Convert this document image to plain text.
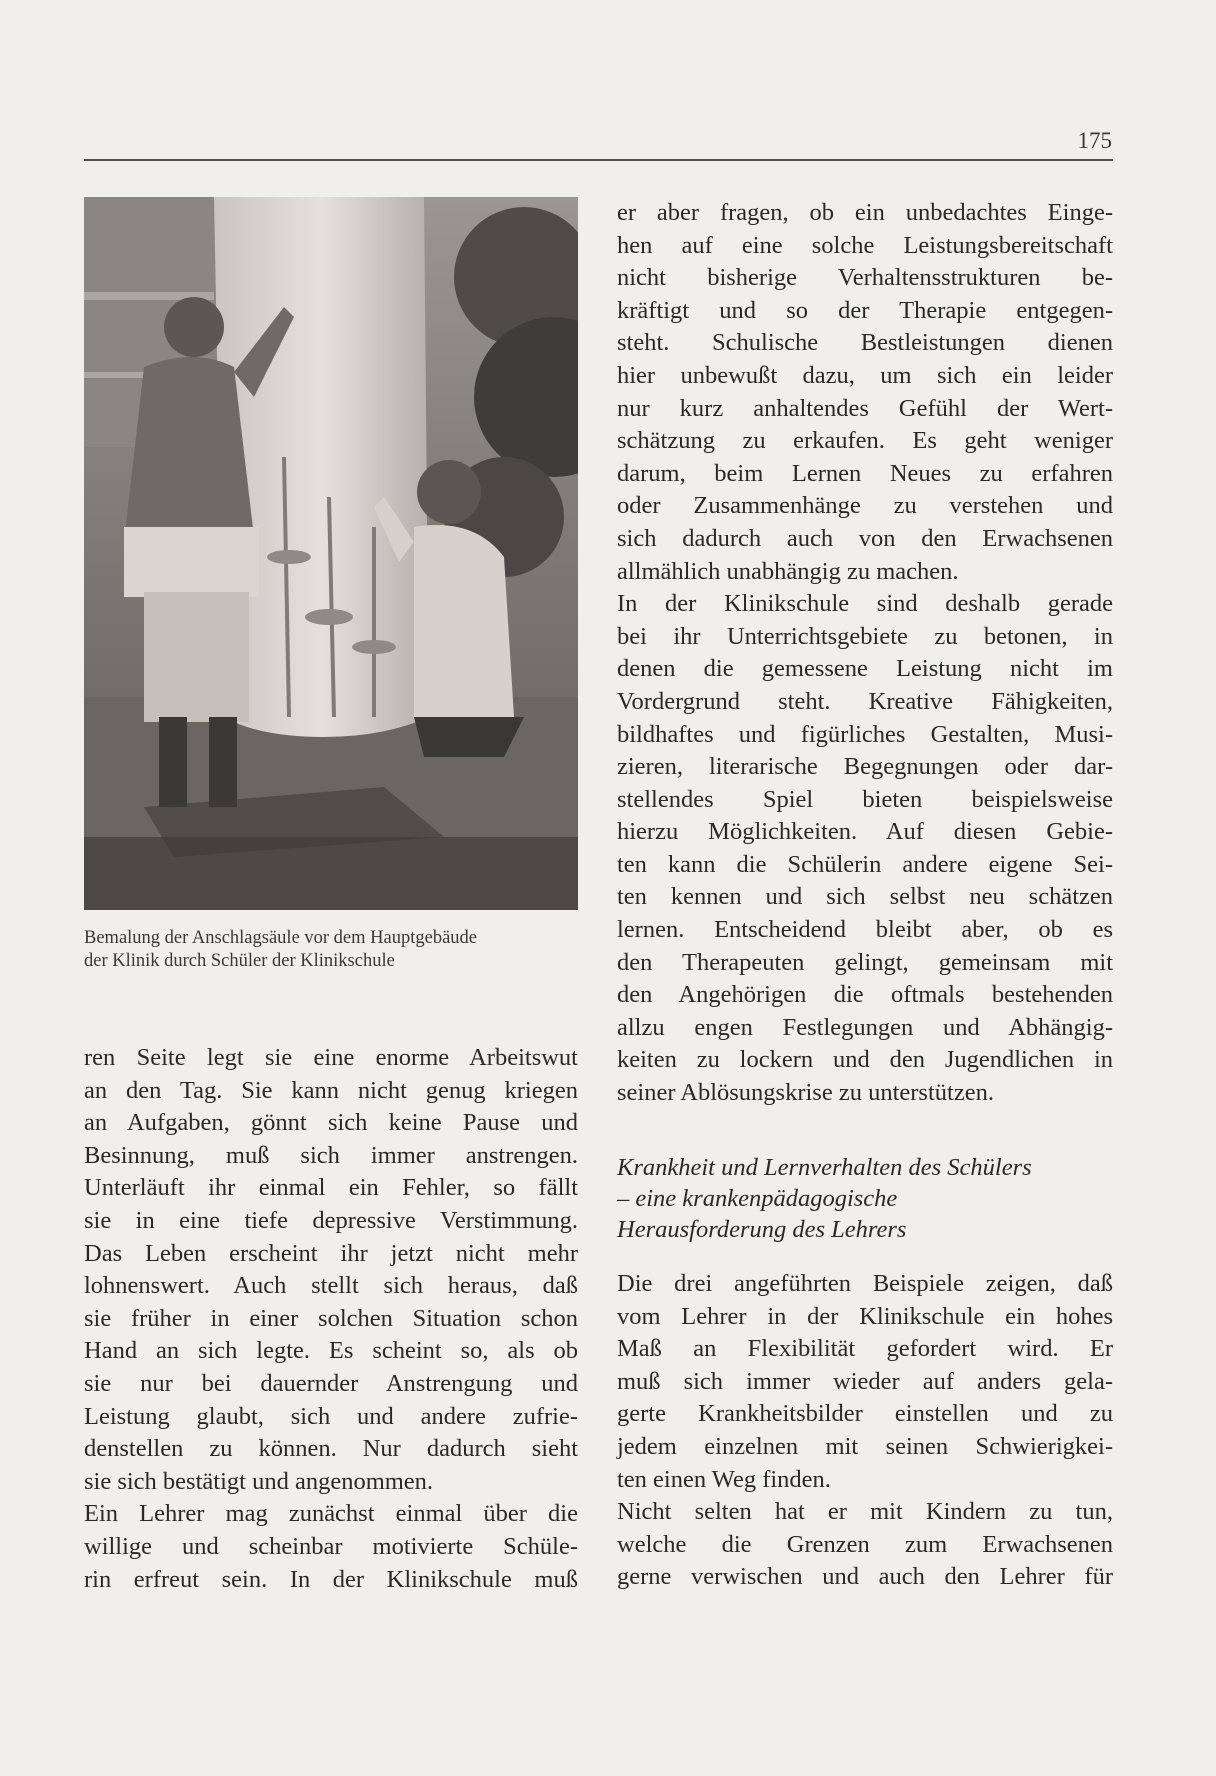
175
Bemalung der Anschlagsäule vor dem Hauptgebäude
der Klinik durch Schüler der Klinikschule

ren Seite legt sie eine enorme Arbeitswut

an den Tag. Sie kann nicht genug kriegen

an Aufgaben, gönnt sich keine Pause und

Besinnung, muß sich immer anstrengen.

Unterläuft ihr einmal ein Fehler, so fällt

sie in eine tiefe depressive Verstimmung.

Das Leben erscheint ihr jetzt nicht mehr

lohnenswert. Auch stellt sich heraus, daß

sie früher in einer solchen Situation schon

Hand an sich legte. Es scheint so, als ob

sie nur bei dauernder Anstrengung und

Leistung glaubt, sich und andere zufrie-

denstellen zu können. Nur dadurch sieht

sie sich bestätigt und angenommen.

Ein Lehrer mag zunächst einmal über die

willige und scheinbar motivierte Schüle-

rin erfreut sein. In der Klinikschule muß

er aber fragen, ob ein unbedachtes Einge-

hen auf eine solche Leistungsbereitschaft

nicht bisherige Verhaltensstrukturen be-

kräftigt und so der Therapie entgegen-

steht. Schulische Bestleistungen dienen

hier unbewußt dazu, um sich ein leider

nur kurz anhaltendes Gefühl der Wert-

schätzung zu erkaufen. Es geht weniger

darum, beim Lernen Neues zu erfahren

oder Zusammenhänge zu verstehen und

sich dadurch auch von den Erwachsenen

allmählich unabhängig zu machen.

In der Klinikschule sind deshalb gerade

bei ihr Unterrichtsgebiete zu betonen, in

denen die gemessene Leistung nicht im

Vordergrund steht. Kreative Fähigkeiten,

bildhaftes und figürliches Gestalten, Musi-

zieren, literarische Begegnungen oder dar-

stellendes Spiel bieten beispielsweise

hierzu Möglichkeiten. Auf diesen Gebie-

ten kann die Schülerin andere eigene Sei-

ten kennen und sich selbst neu schätzen

lernen. Entscheidend bleibt aber, ob es

den Therapeuten gelingt, gemeinsam mit

den Angehörigen die oftmals bestehenden

allzu engen Festlegungen und Abhängig-

keiten zu lockern und den Jugendlichen in

seiner Ablösungskrise zu unterstützen.

Krankheit und Lernverhalten des Schülers
– eine krankenpädagogische
Herausforderung des Lehrers

Die drei angeführten Beispiele zeigen, daß

vom Lehrer in der Klinikschule ein hohes

Maß an Flexibilität gefordert wird. Er

muß sich immer wieder auf anders gela-

gerte Krankheitsbilder einstellen und zu

jedem einzelnen mit seinen Schwierigkei-

ten einen Weg finden.

Nicht selten hat er mit Kindern zu tun,

welche die Grenzen zum Erwachsenen

gerne verwischen und auch den Lehrer für
